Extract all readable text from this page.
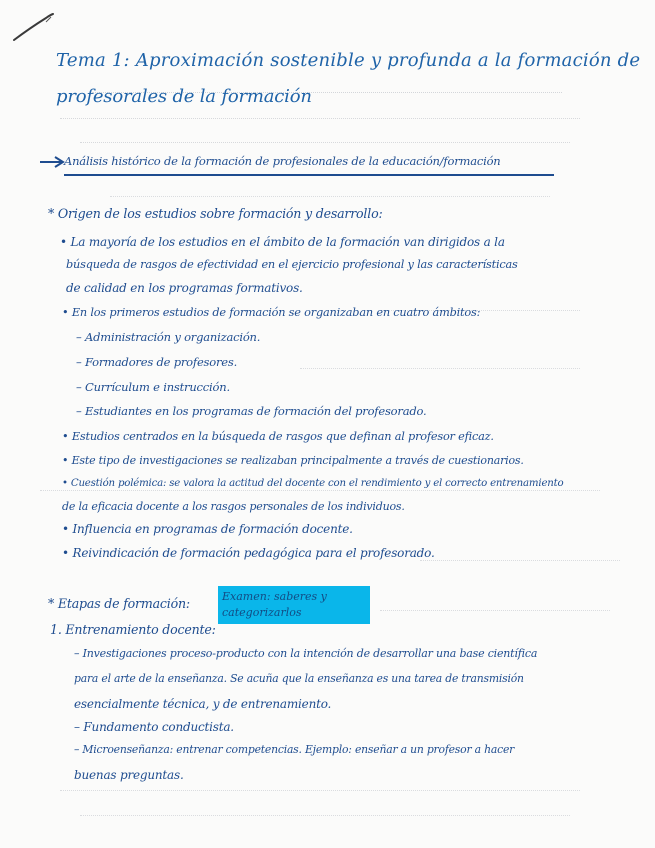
Tema 1: Aproximación sostenible y profunda a la formación de
profesorales de la formación
Análisis histórico de la formación de profesionales de la educación/formación
* Origen de los estudios sobre formación y desarrollo:
• La mayoría de los estudios en el ámbito de la formación van dirigidos a la
búsqueda de rasgos de efectividad en el ejercicio profesional y las características
de calidad en los programas formativos.
• En los primeros estudios de formación se organizaban en cuatro ámbitos:
– Administración y organización.
– Formadores de profesores.
– Currículum e instrucción.
– Estudiantes en los programas de formación del profesorado.
• Estudios centrados en la búsqueda de rasgos que definan al profesor eficaz.
• Este tipo de investigaciones se realizaban principalmente a través de cuestionarios.
• Cuestión polémica: se valora la actitud del docente con el rendimiento y el correcto entrenamiento
de la eficacia docente a los rasgos personales de los individuos.
• Influencia en programas de formación docente.
• Reivindicación de formación pedagógica para el profesorado.
* Etapas de formación:	Examen: saberes y
categorizarlos
1. Entrenamiento docente:
– Investigaciones proceso-producto con la intención de desarrollar una base científica
para el arte de la enseñanza. Se acuña que la enseñanza es una tarea de transmisión
esencialmente técnica, y de entrenamiento.
– Fundamento conductista.
– Microenseñanza: entrenar competencias. Ejemplo: enseñar a un profesor a hacer
buenas preguntas.
